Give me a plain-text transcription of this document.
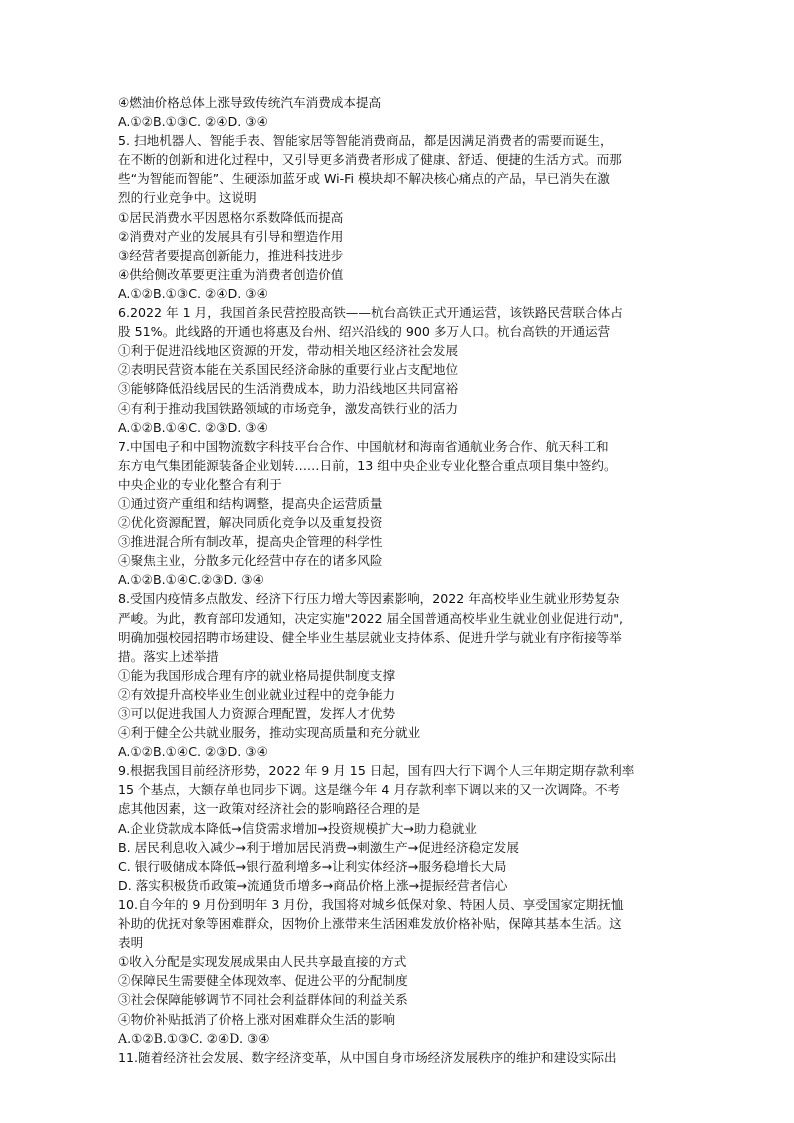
④燃油价格总体上涨导致传统汽车消费成本提高
A.①②B.①③C. ②④D. ③④
5. 扫地机器人、智能手表、智能家居等智能消费商品，都是因满足消费者的需要而诞生，
在不断的创新和进化过程中，又引导更多消费者形成了健康、舒适、便捷的生活方式。而那
些“为智能而智能”、生硬添加蓝牙或 Wi-Fi 模块却不解决核心痛点的产品，早已消失在激
烈的行业竞争中。这说明
①居民消费水平因恩格尔系数降低而提高
②消费对产业的发展具有引导和塑造作用
③经营者要提高创新能力，推进科技进步
④供给侧改革要更注重为消费者创造价值
A.①②B.①③C. ②④D. ③④
6.2022 年 1 月，我国首条民营控股高铁——杭台高铁正式开通运营，该铁路民营联合体占
股 51%。此线路的开通也将惠及台州、绍兴沿线的 900 多万人口。杭台高铁的开通运营
①利于促进沿线地区资源的开发，带动相关地区经济社会发展
②表明民营资本能在关系国民经济命脉的重要行业占支配地位
③能够降低沿线居民的生活消费成本，助力沿线地区共同富裕
④有利于推动我国铁路领域的市场竞争，激发高铁行业的活力
A.①②B.①④C. ②③D. ③④
7.中国电子和中国物流数字科技平台合作、中国航材和海南省通航业务合作、航天科工和
东方电气集团能源装备企业划转……日前，13 组中央企业专业化整合重点项目集中签约。
中央企业的专业化整合有利于
①通过资产重组和结构调整，提高央企运营质量
②优化资源配置，解决同质化竞争以及重复投资
③推进混合所有制改革，提高央企管理的科学性
④聚焦主业，分散多元化经营中存在的诸多风险
A.①②B.①④C.②③D. ③④
8.受国内疫情多点散发、经济下行压力增大等因素影响，2022 年高校毕业生就业形势复杂
严峻。为此，教育部印发通知，决定实施"2022 届全国普通高校毕业生就业创业促进行动",
明确加强校园招聘市场建设、健全毕业生基层就业支持体系、促进升学与就业有序衔接等举
措。落实上述举措
①能为我国形成合理有序的就业格局提供制度支撑
②有效提升高校毕业生创业就业过程中的竞争能力
③可以促进我国人力资源合理配置，发挥人才优势
④利于健全公共就业服务，推动实现高质量和充分就业
A.①②B.①④C. ②③D. ③④
9.根据我国目前经济形势，2022 年 9 月 15 日起，国有四大行下调个人三年期定期存款利率
15 个基点，大额存单也同步下调。这是继今年 4 月存款利率下调以来的又一次调降。不考
虑其他因素，这一政策对经济社会的影响路径合理的是
A.企业贷款成本降低→信贷需求增加→投资规模扩大→助力稳就业
B. 居民利息收入减少→利于增加居民消费→刺激生产→促进经济稳定发展
C. 银行吸储成本降低→银行盈利增多→让利实体经济→服务稳增长大局
D. 落实积极货币政策→流通货币增多→商品价格上涨→提振经营者信心
10.自今年的 9 月份到明年 3 月份，我国将对城乡低保对象、特困人员、享受国家定期抚恤
补助的优抚对象等困难群众，因物价上涨带来生活困难发放价格补贴，保障其基本生活。这
表明
①收入分配是实现发展成果由人民共享最直接的方式
②保障民生需要健全体现效率、促进公平的分配制度
③社会保障能够调节不同社会利益群体间的利益关系
④物价补贴抵消了价格上涨对困难群众生活的影响
A.①②B.①③C. ②④D. ③④
11.随着经济社会发展、数字经济变革，从中国自身市场经济发展秩序的维护和建设实际出
